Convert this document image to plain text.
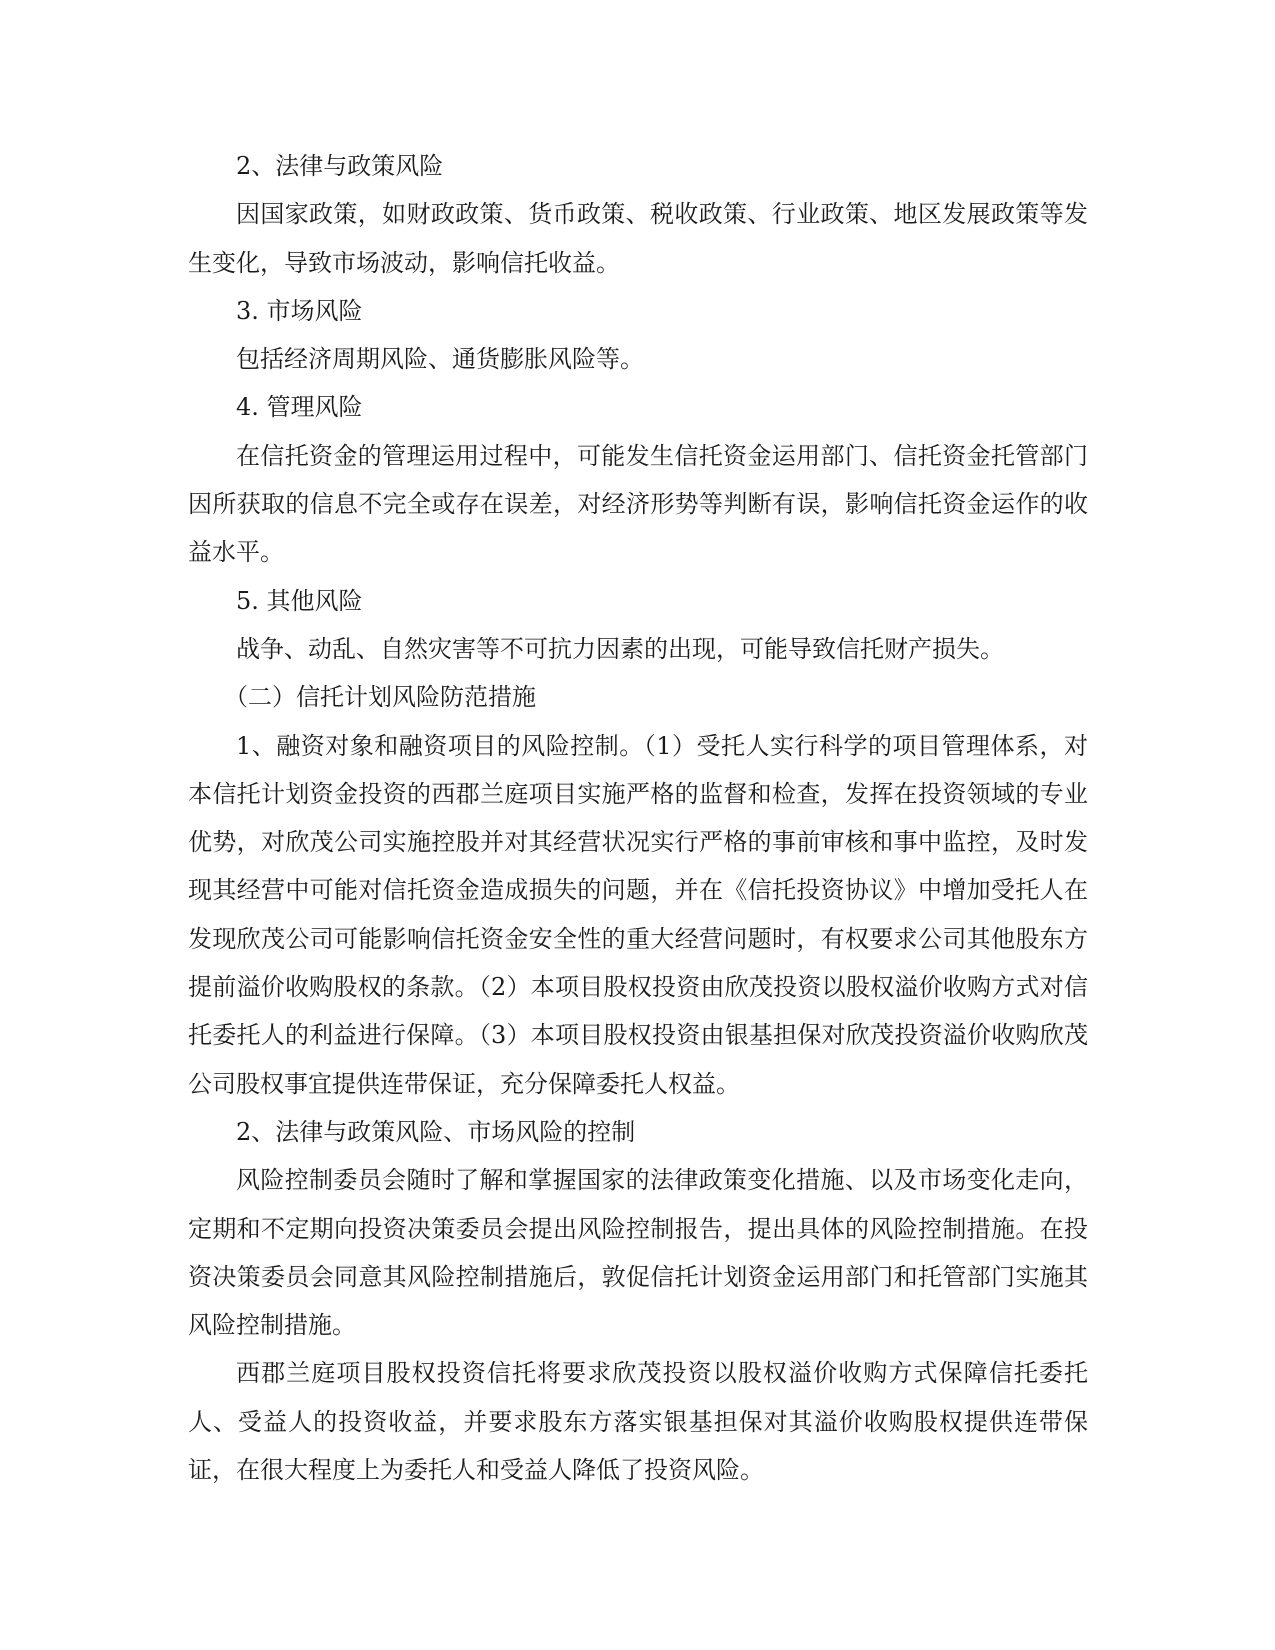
2、法律与政策风险

因国家政策，如财政政策、货币政策、税收政策、行业政策、地区发展政策等发生变化，导致市场波动，影响信托收益。

3. 市场风险

包括经济周期风险、通货膨胀风险等。

4. 管理风险

在信托资金的管理运用过程中，可能发生信托资金运用部门、信托资金托管部门因所获取的信息不完全或存在误差，对经济形势等判断有误，影响信托资金运作的收益水平。

5. 其他风险

战争、动乱、自然灾害等不可抗力因素的出现，可能导致信托财产损失。

（二）信托计划风险防范措施

1、融资对象和融资项目的风险控制。（1）受托人实行科学的项目管理体系，对本信托计划资金投资的西郡兰庭项目实施严格的监督和检查，发挥在投资领域的专业优势，对欣茂公司实施控股并对其经营状况实行严格的事前审核和事中监控，及时发现其经营中可能对信托资金造成损失的问题，并在《信托投资协议》中增加受托人在发现欣茂公司可能影响信托资金安全性的重大经营问题时，有权要求公司其他股东方提前溢价收购股权的条款。（2）本项目股权投资由欣茂投资以股权溢价收购方式对信托委托人的利益进行保障。（3）本项目股权投资由银基担保对欣茂投资溢价收购欣茂公司股权事宜提供连带保证，充分保障委托人权益。

2、法律与政策风险、市场风险的控制

风险控制委员会随时了解和掌握国家的法律政策变化措施、以及市场变化走向，定期和不定期向投资决策委员会提出风险控制报告，提出具体的风险控制措施。在投资决策委员会同意其风险控制措施后，敦促信托计划资金运用部门和托管部门实施其风险控制措施。

西郡兰庭项目股权投资信托将要求欣茂投资以股权溢价收购方式保障信托委托人、受益人的投资收益，并要求股东方落实银基担保对其溢价收购股权提供连带保证，在很大程度上为委托人和受益人降低了投资风险。
